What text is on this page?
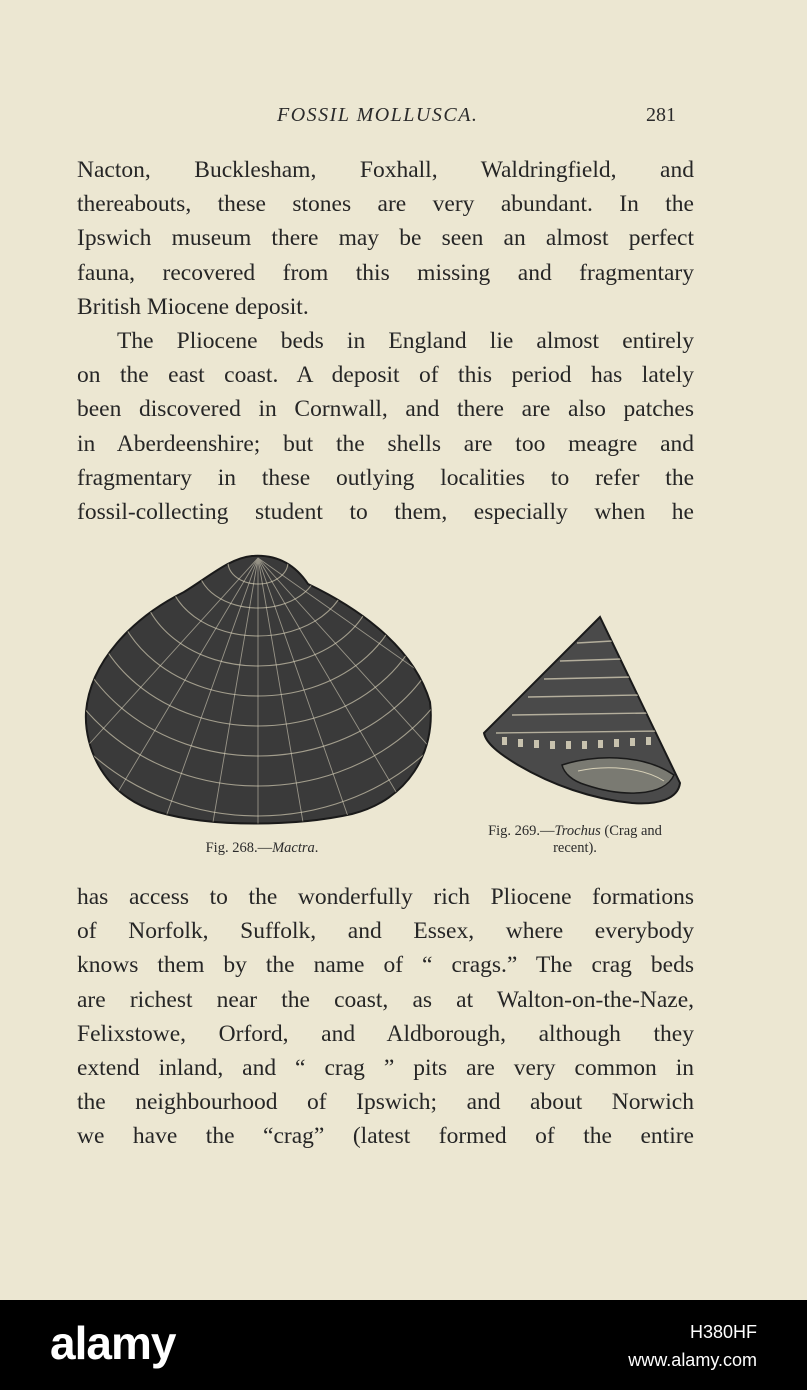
FOSSIL MOLLUSCA.	281
Nacton, Bucklesham, Foxhall, Waldringfield, and
thereabouts, these stones are very abundant. In the
Ipswich museum there may be seen an almost perfect
fauna, recovered from this missing and fragmentary
British Miocene deposit.
The Pliocene beds in England lie almost entirely
on the east coast. A deposit of this period has lately
been discovered in Cornwall, and there are also patches
in Aberdeenshire; but the shells are too meagre and
fragmentary in these outlying localities to refer the
fossil-collecting student to them, especially when he
Fig. 268.—Mactra.
Fig. 269.—Trochus (Crag and
recent).
has access to the wonderfully rich Pliocene formations
of Norfolk, Suffolk, and Essex, where everybody
knows them by the name of “ crags.” The crag beds
are richest near the coast, as at Walton-on-the-Naze,
Felixstowe, Orford, and Aldborough, although they
extend inland, and “ crag ” pits are very common in
the neighbourhood of Ipswich; and about Norwich
we have the “crag” (latest formed of the entire
alamy	H380HF
www.alamy.com
